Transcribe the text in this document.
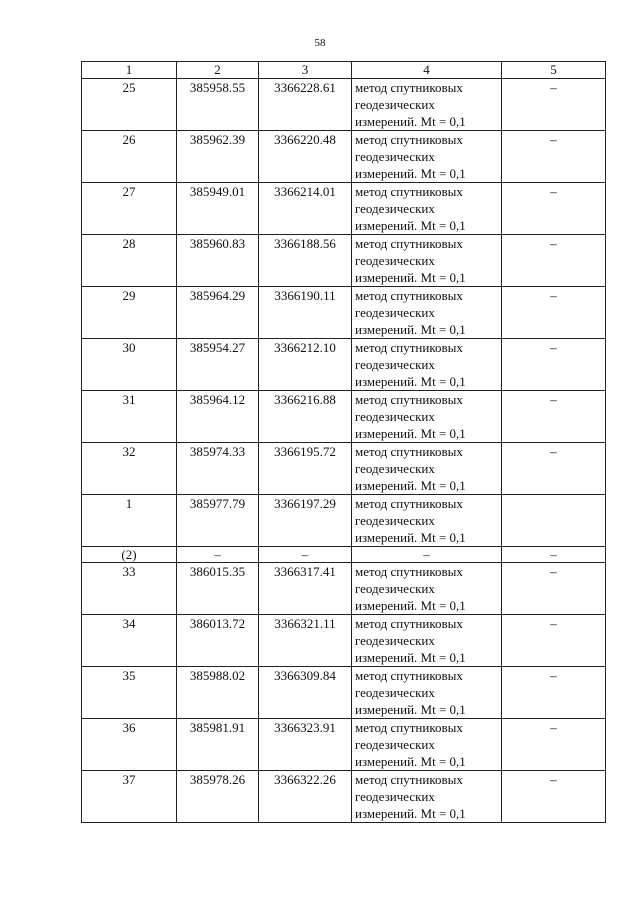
58
1	2	3	4	5
25	385958.55	3366228.61	метод спутниковых
геодезических
измерений. Mt = 0,1	–
26	385962.39	3366220.48	метод спутниковых
геодезических
измерений. Mt = 0,1	–
27	385949.01	3366214.01	метод спутниковых
геодезических
измерений. Mt = 0,1	–
28	385960.83	3366188.56	метод спутниковых
геодезических
измерений. Mt = 0,1	–
29	385964.29	3366190.11	метод спутниковых
геодезических
измерений. Mt = 0,1	–
30	385954.27	3366212.10	метод спутниковых
геодезических
измерений. Mt = 0,1	–
31	385964.12	3366216.88	метод спутниковых
геодезических
измерений. Mt = 0,1	–
32	385974.33	3366195.72	метод спутниковых
геодезических
измерений. Mt = 0,1	–
1	385977.79	3366197.29	метод спутниковых
геодезических
измерений. Mt = 0,1	

(2)	–	–	–	–
33	386015.35	3366317.41	метод спутниковых
геодезических
измерений. Mt = 0,1	–
34	386013.72	3366321.11	метод спутниковых
геодезических
измерений. Mt = 0,1	–
35	385988.02	3366309.84	метод спутниковых
геодезических
измерений. Mt = 0,1	–
36	385981.91	3366323.91	метод спутниковых
геодезических
измерений. Mt = 0,1	–
37	385978.26	3366322.26	метод спутниковых
геодезических
измерений. Mt = 0,1	–
